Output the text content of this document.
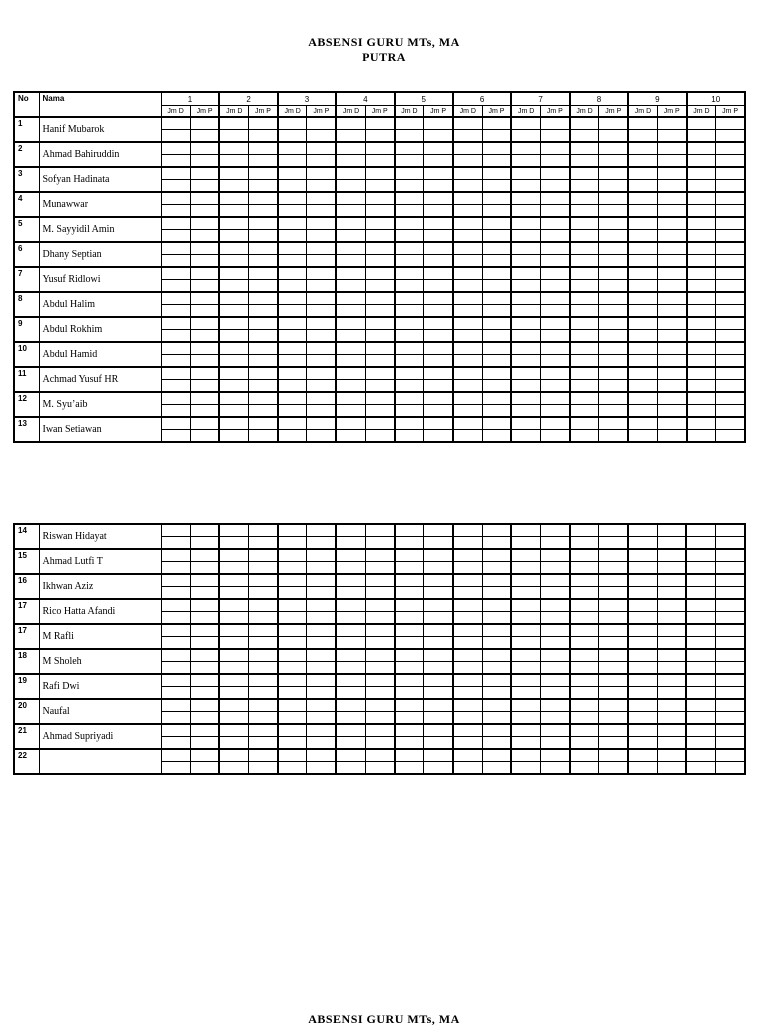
ABSENSI GURU MTs, MA
PUTRA
No	Nama	1		2		3		4		5		6		7		8		9		10	
		Jm D	Jm P	Jm D	Jm P	Jm D	Jm P	Jm D	Jm P	Jm D	Jm P	Jm D	Jm P	Jm D	Jm P	Jm D	Jm P	Jm D	Jm P	Jm D	Jm P
1	Hanif Mubarok																				

2	Ahmad Bahiruddin																				

3	Sofyan Hadinata																				

4	Munawwar																				

5	M. Sayyidil Amin																				

6	Dhany Septian																				

7	Yusuf Ridlowi																				

8	Abdul Halim																				

9	Abdul Rokhim																				

10	Abdul Hamid																				

11	Achmad Yusuf HR																				

12	M. Syu’aib																				

13	Iwan Setiawan																				

14	Riswan Hidayat																				

15	Ahmad Lutfi T																				

16	Ikhwan Aziz																				

17	Rico Hatta Afandi																				

17	M Rafli																				

18	M Sholeh																				

19	Rafi Dwi																				

20	Naufal																				

21	Ahmad Supriyadi																				

22																					

ABSENSI GURU MTs, MA
